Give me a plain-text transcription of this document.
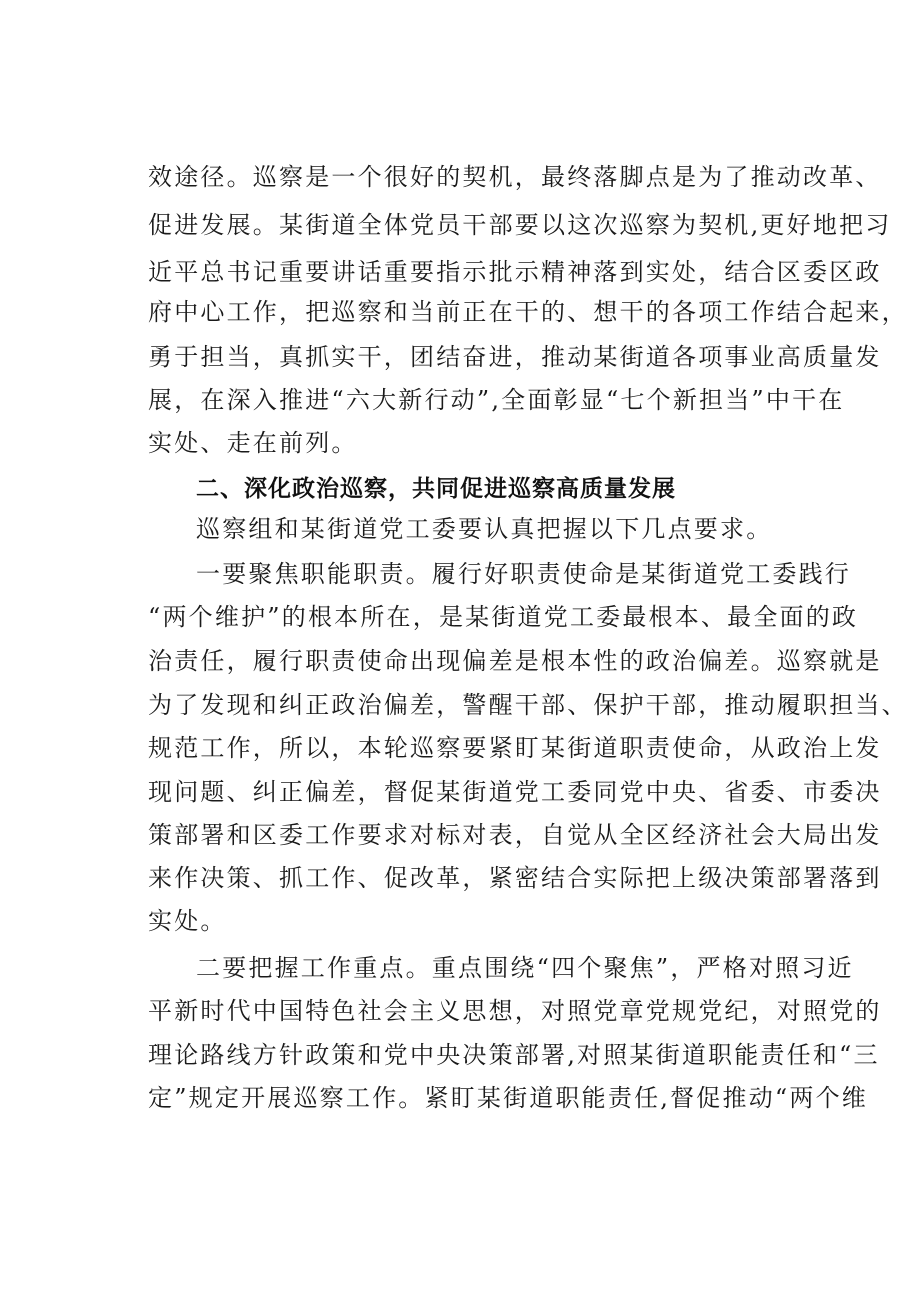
效途径。巡察是一个很好的契机，最终落脚点是为了推动改革、
促进发展。某街道全体党员干部要以这次巡察为契机,更好地把习
近平总书记重要讲话重要指示批示精神落到实处，结合区委区政
府中心工作，把巡察和当前正在干的、想干的各项工作结合起来，
勇于担当，真抓实干，团结奋进，推动某街道各项事业高质量发
展，在深入推进“六大新行动”,全面彰显“七个新担当”中干在
实处、走在前列。
二、深化政治巡察，共同促进巡察高质量发展
巡察组和某街道党工委要认真把握以下几点要求。
一要聚焦职能职责。履行好职责使命是某街道党工委践行
“两个维护”的根本所在，是某街道党工委最根本、最全面的政
治责任，履行职责使命出现偏差是根本性的政治偏差。巡察就是
为了发现和纠正政治偏差，警醒干部、保护干部，推动履职担当、
规范工作，所以，本轮巡察要紧盯某街道职责使命，从政治上发
现问题、纠正偏差，督促某街道党工委同党中央、省委、市委决
策部署和区委工作要求对标对表，自觉从全区经济社会大局出发
来作决策、抓工作、促改革，紧密结合实际把上级决策部署落到
实处。
二要把握工作重点。重点围绕“四个聚焦”，严格对照习近
平新时代中国特色社会主义思想，对照党章党规党纪，对照党的
理论路线方针政策和党中央决策部署,对照某街道职能责任和“三
定”规定开展巡察工作。紧盯某街道职能责任,督促推动“两个维
